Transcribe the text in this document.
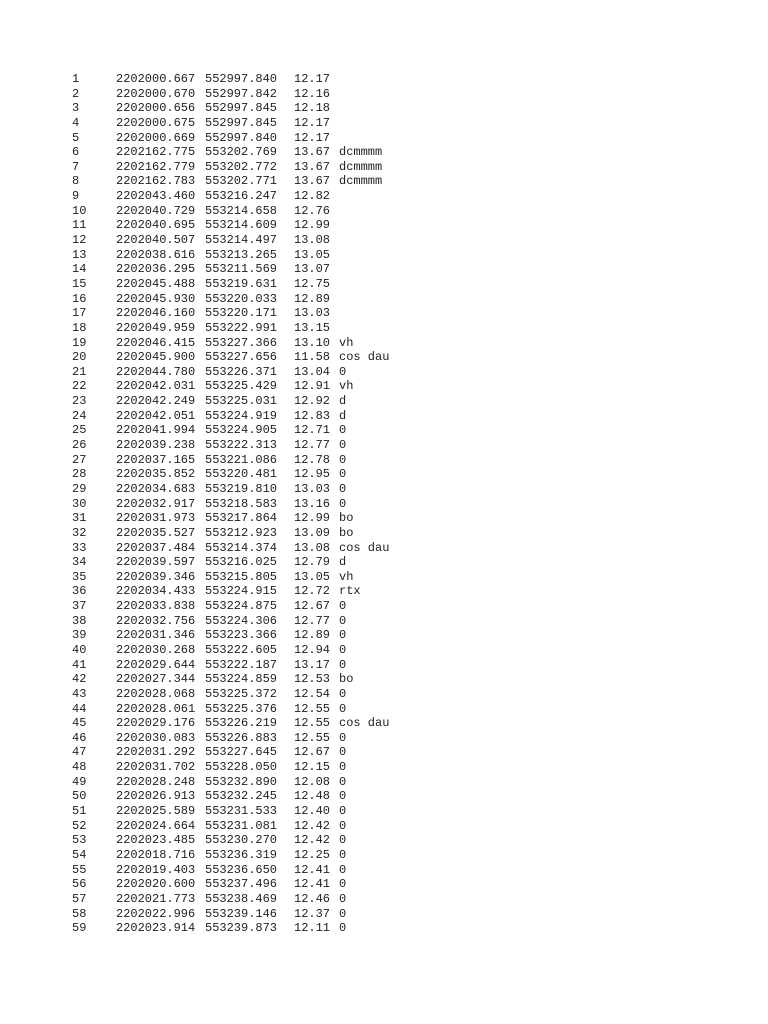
1	2202000.667 552997.840	12.17
2	2202000.670 552997.842	12.16
3	2202000.656 552997.845	12.18
4	2202000.675 552997.845	12.17
5	2202000.669 552997.840	12.17
6	2202162.775 553202.769	13.67 dcmmmm
7	2202162.779 553202.772	13.67 dcmmmm
8	2202162.783 553202.771	13.67 dcmmmm
9	2202043.460 553216.247	12.82
10	2202040.729 553214.658	12.76
11	2202040.695 553214.609	12.99
12	2202040.507 553214.497	13.08
13	2202038.616 553213.265	13.05
14	2202036.295 553211.569	13.07
15	2202045.488 553219.631	12.75
16	2202045.930 553220.033	12.89
17	2202046.160 553220.171	13.03
18	2202049.959 553222.991	13.15
19	2202046.415 553227.366	13.10 vh
20	2202045.900 553227.656	11.58 cos dau
21	2202044.780 553226.371	13.04 0
22	2202042.031 553225.429	12.91 vh
23	2202042.249 553225.031	12.92 d
24	2202042.051 553224.919	12.83 d
25	2202041.994 553224.905	12.71 0
26	2202039.238 553222.313	12.77 0
27	2202037.165 553221.086	12.78 0
28	2202035.852 553220.481	12.95 0
29	2202034.683 553219.810	13.03 0
30	2202032.917 553218.583	13.16 0
31	2202031.973 553217.864	12.99 bo
32	2202035.527 553212.923	13.09 bo
33	2202037.484 553214.374	13.08 cos dau
34	2202039.597 553216.025	12.79 d
35	2202039.346 553215.805	13.05 vh
36	2202034.433 553224.915	12.72 rtx
37	2202033.838 553224.875	12.67 0
38	2202032.756 553224.306	12.77 0
39	2202031.346 553223.366	12.89 0
40	2202030.268 553222.605	12.94 0
41	2202029.644 553222.187	13.17 0
42	2202027.344 553224.859	12.53 bo
43	2202028.068 553225.372	12.54 0
44	2202028.061 553225.376	12.55 0
45	2202029.176 553226.219	12.55 cos dau
46	2202030.083 553226.883	12.55 0
47	2202031.292 553227.645	12.67 0
48	2202031.702 553228.050	12.15 0
49	2202028.248 553232.890	12.08 0
50	2202026.913 553232.245	12.48 0
51	2202025.589 553231.533	12.40 0
52	2202024.664 553231.081	12.42 0
53	2202023.485 553230.270	12.42 0
54	2202018.716 553236.319	12.25 0
55	2202019.403 553236.650	12.41 0
56	2202020.600 553237.496	12.41 0
57	2202021.773 553238.469	12.46 0
58	2202022.996 553239.146	12.37 0
59	2202023.914 553239.873	12.11 0
